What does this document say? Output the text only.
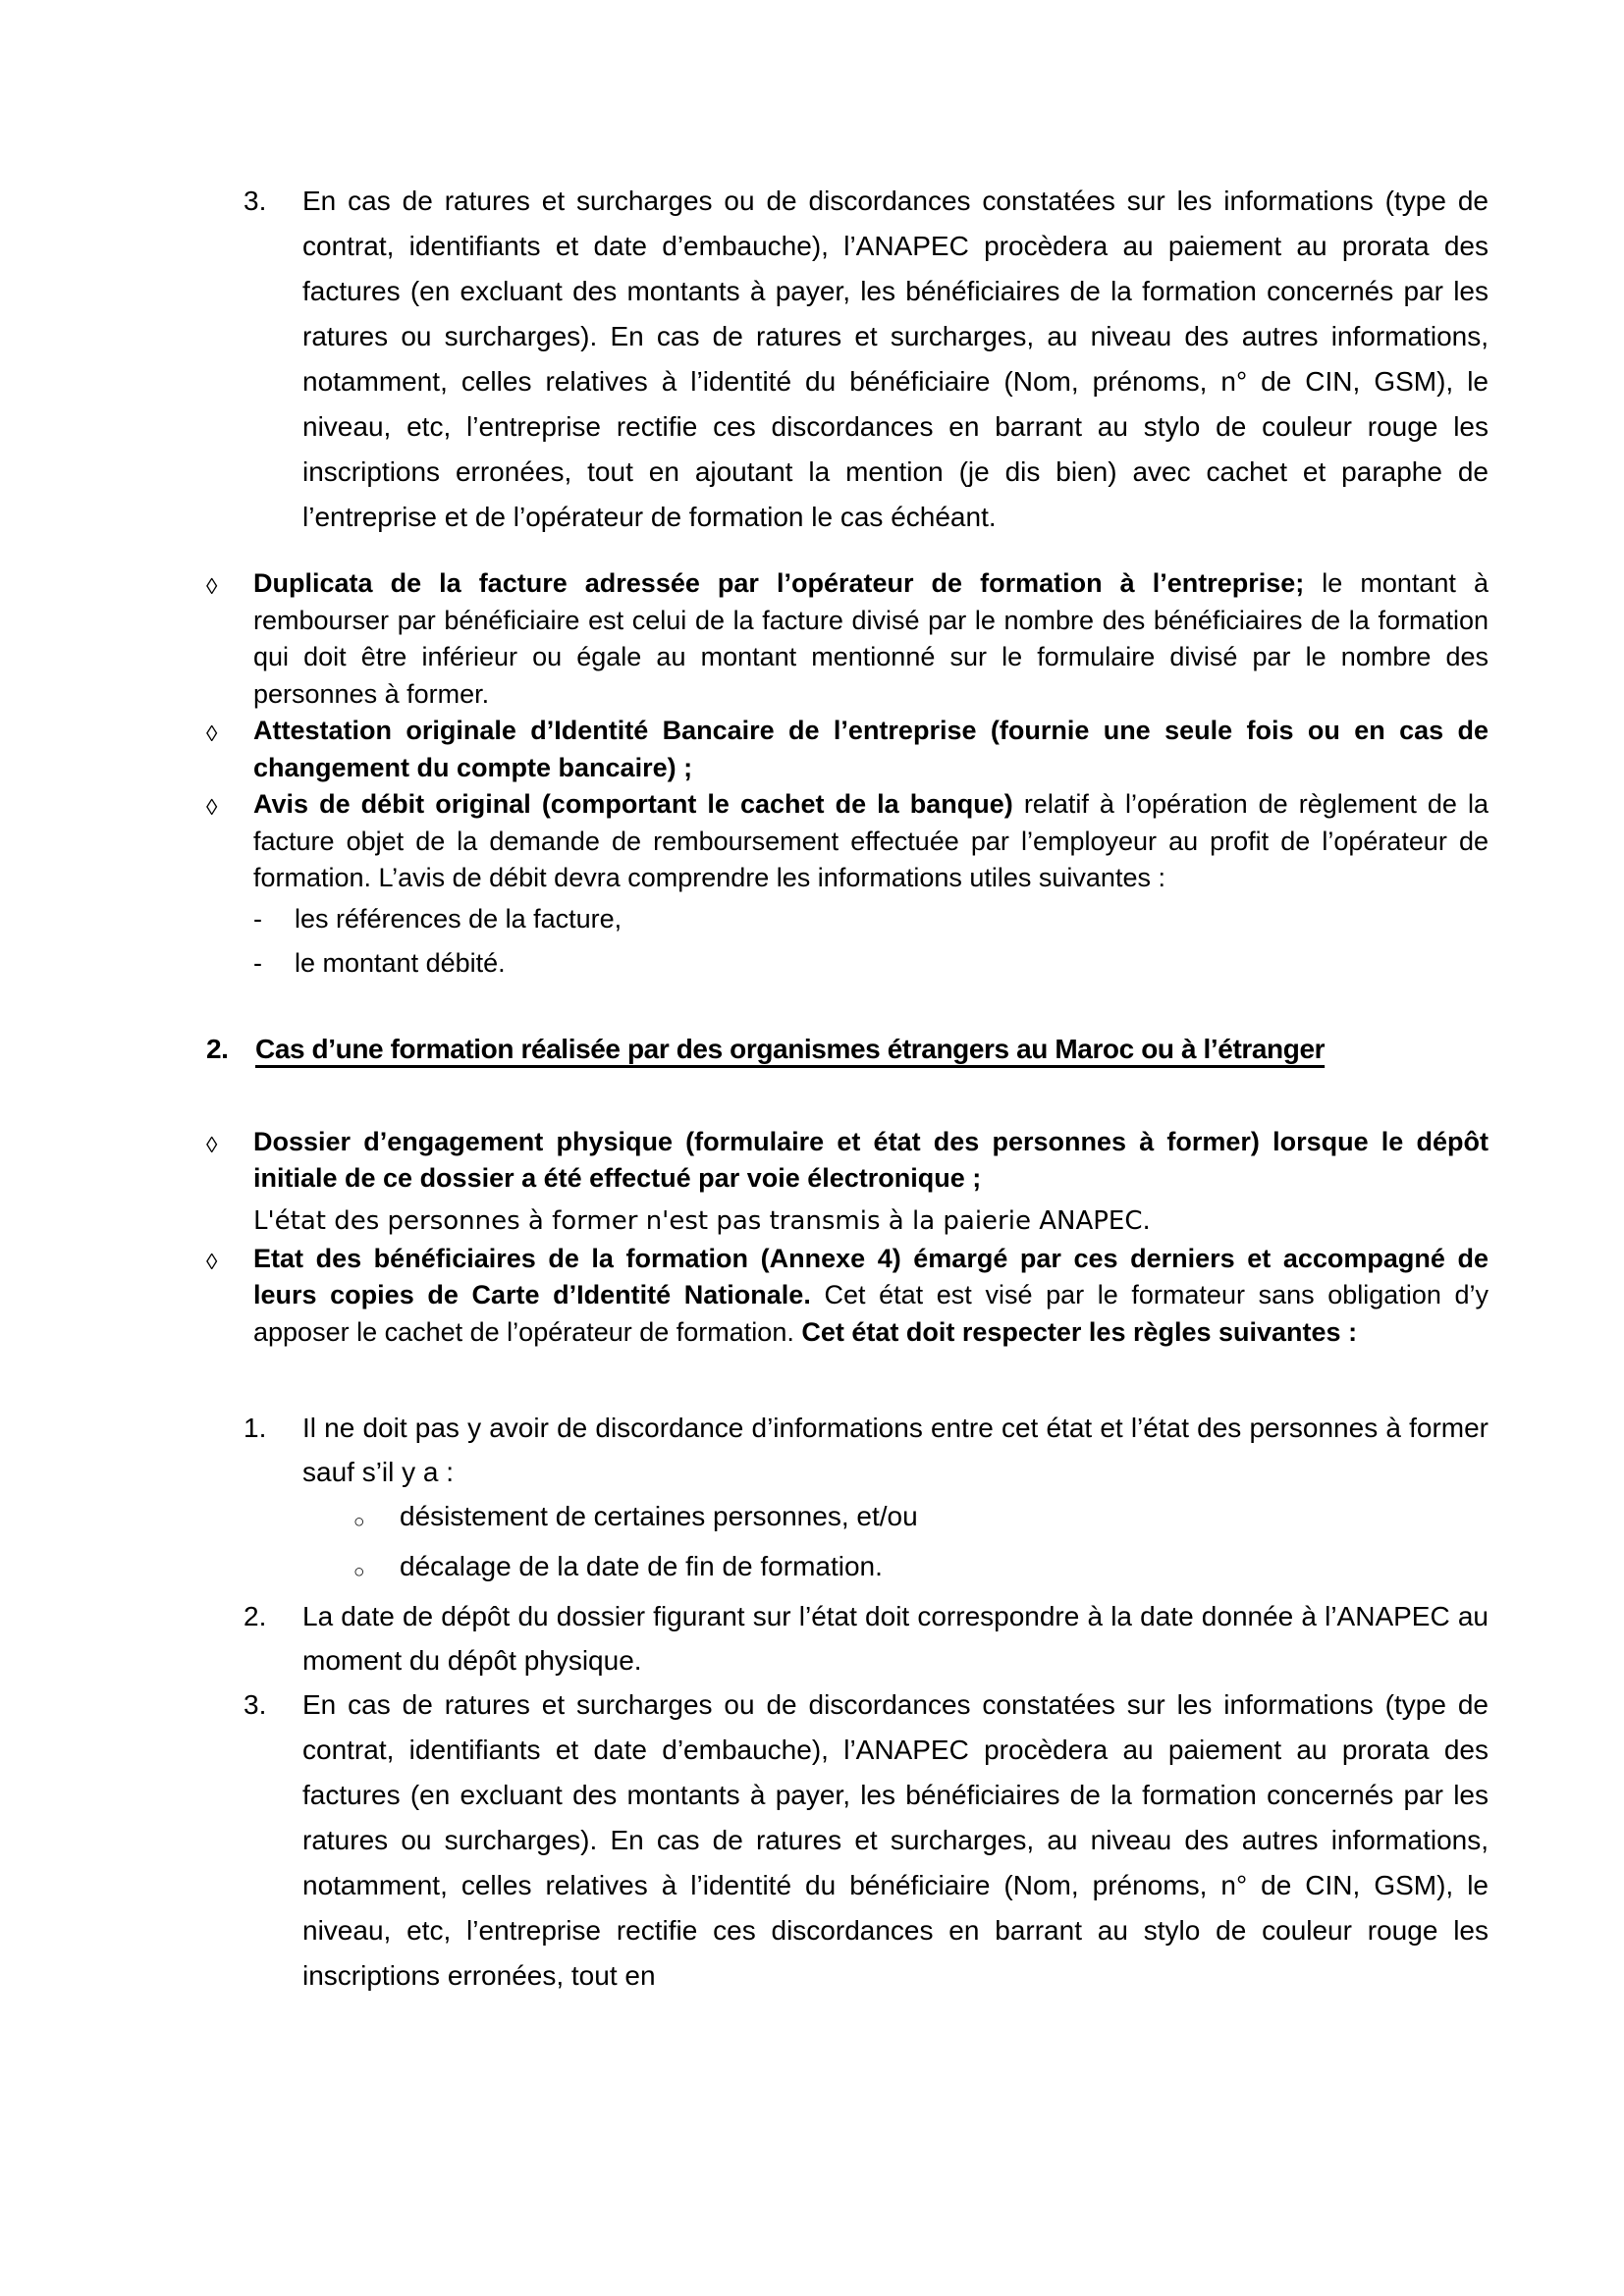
3.	En cas de ratures et surcharges ou de discordances constatées sur les informations (type de contrat, identifiants et date d’embauche), l’ANAPEC procèdera au paiement au prorata des factures (en excluant des montants à payer, les bénéficiaires de la formation concernés par les ratures ou surcharges). En cas de ratures et surcharges, au niveau des autres informations, notamment, celles relatives à l’identité du bénéficiaire (Nom, prénoms, n° de CIN, GSM), le niveau, etc, l’entreprise rectifie ces discordances en barrant au stylo de couleur rouge les inscriptions erronées, tout en ajoutant la mention (je dis bien) avec cachet et paraphe de l’entreprise et de l’opérateur de formation le cas échéant.
◊	Duplicata de la facture adressée par l’opérateur de formation à l’entreprise; le montant à rembourser par bénéficiaire est celui de la facture divisé par le nombre des bénéficiaires de la formation qui doit être inférieur ou égale au montant mentionné sur le formulaire divisé par le nombre des personnes à former.
◊	Attestation originale d’Identité Bancaire de l’entreprise (fournie une seule fois ou en cas de changement du compte bancaire) ;
◊	Avis de débit original (comportant le cachet de la banque) relatif à l’opération de règlement de la facture objet de la demande de remboursement effectuée par l’employeur au profit de l’opérateur de formation. L’avis de débit devra comprendre les informations utiles suivantes :
-	les références de la facture,
-	le montant débité.
2. Cas d’une formation réalisée par des organismes étrangers au Maroc ou à l’étranger
◊	Dossier d’engagement physique (formulaire et état des personnes à former) lorsque le dépôt initiale de ce dossier a été effectué par voie électronique ;
L'état des personnes à former n'est pas transmis à la paierie ANAPEC.
◊	Etat des bénéficiaires de la formation (Annexe 4) émargé par ces derniers et accompagné de leurs copies de Carte d’Identité Nationale. Cet état est visé par le formateur sans obligation d’y apposer le cachet de l’opérateur de formation. Cet état doit respecter les règles suivantes :
1.	Il ne doit pas y avoir de discordance d’informations entre cet état et l’état des personnes à former sauf s’il y a :
○	désistement de certaines personnes, et/ou
○	décalage de la date de fin de formation.
2.	La date de dépôt du dossier figurant sur l’état doit correspondre à la date donnée à l’ANAPEC au moment du dépôt physique.
3.	En cas de ratures et surcharges ou de discordances constatées sur les informations (type de contrat, identifiants et date d’embauche), l’ANAPEC procèdera au paiement au prorata des factures (en excluant des montants à payer, les bénéficiaires de la formation concernés par les ratures ou surcharges). En cas de ratures et surcharges, au niveau des autres informations, notamment, celles relatives à l’identité du bénéficiaire (Nom, prénoms, n° de CIN, GSM), le niveau, etc, l’entreprise rectifie ces discordances en barrant au stylo de couleur rouge les inscriptions erronées, tout en
